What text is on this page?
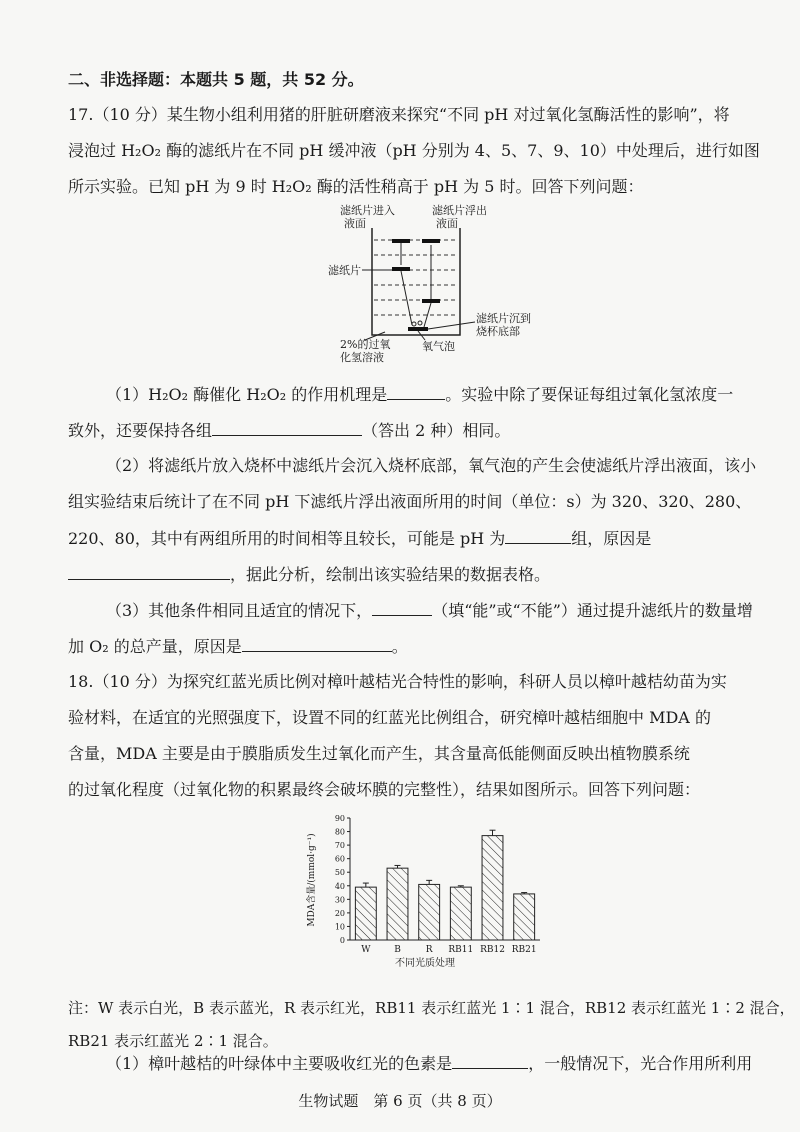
二、非选择题：本题共 5 题，共 52 分。
17.（10 分）某生物小组利用猪的肝脏研磨液来探究“不同 pH 对过氧化氢酶活性的影响”，将
浸泡过 H₂O₂ 酶的滤纸片在不同 pH 缓冲液（pH 分别为 4、5、7、9、10）中处理后，进行如图
所示实验。已知 pH 为 9 时 H₂O₂ 酶的活性稍高于 pH 为 5 时。回答下列问题：
滤纸片进入
液面
滤纸片浮出
液面
滤纸片
滤纸片沉到
烧杯底部
2%的过氧
化氢溶液
氧气泡
（1）H₂O₂ 酶催化 H₂O₂ 的作用机理是	。实验中除了要保证每组过氧化氢浓度一
致外，还要保持各组	（答出 2 种）相同。
（2）将滤纸片放入烧杯中滤纸片会沉入烧杯底部，氧气泡的产生会使滤纸片浮出液面，该小
组实验结束后统计了在不同 pH 下滤纸片浮出液面所用的时间（单位：s）为 320、320、280、
220、80，其中有两组所用的时间相等且较长，可能是 pH 为	组，原因是
，据此分析，绘制出该实验结果的数据表格。
（3）其他条件相同且适宜的情况下，	（填“能”或“不能”）通过提升滤纸片的数量增
加 O₂ 的总产量，原因是	。
18.（10 分）为探究红蓝光质比例对樟叶越桔光合特性的影响，科研人员以樟叶越桔幼苗为实
验材料，在适宜的光照强度下，设置不同的红蓝光比例组合，研究樟叶越桔细胞中 MDA 的
含量，MDA 主要是由于膜脂质发生过氧化而产生，其含量高低能侧面反映出植物膜系统
的过氧化程度（过氧化物的积累最终会破坏膜的完整性），结果如图所示。回答下列问题：
0
10
20
30
40
50
60
70
80
90
W	B	R RB11 RB12 RB21
MDA含量/(mmol·g⁻¹)
不同光质处理
注：W 表示白光，B 表示蓝光，R 表示红光，RB11 表示红蓝光 1∶1 混合，RB12 表示红蓝光 1∶2 混合，
RB21 表示红蓝光 2∶1 混合。
（1）樟叶越桔的叶绿体中主要吸收红光的色素是	，一般情况下，光合作用所利用
生物试题　第 6 页（共 8 页）
